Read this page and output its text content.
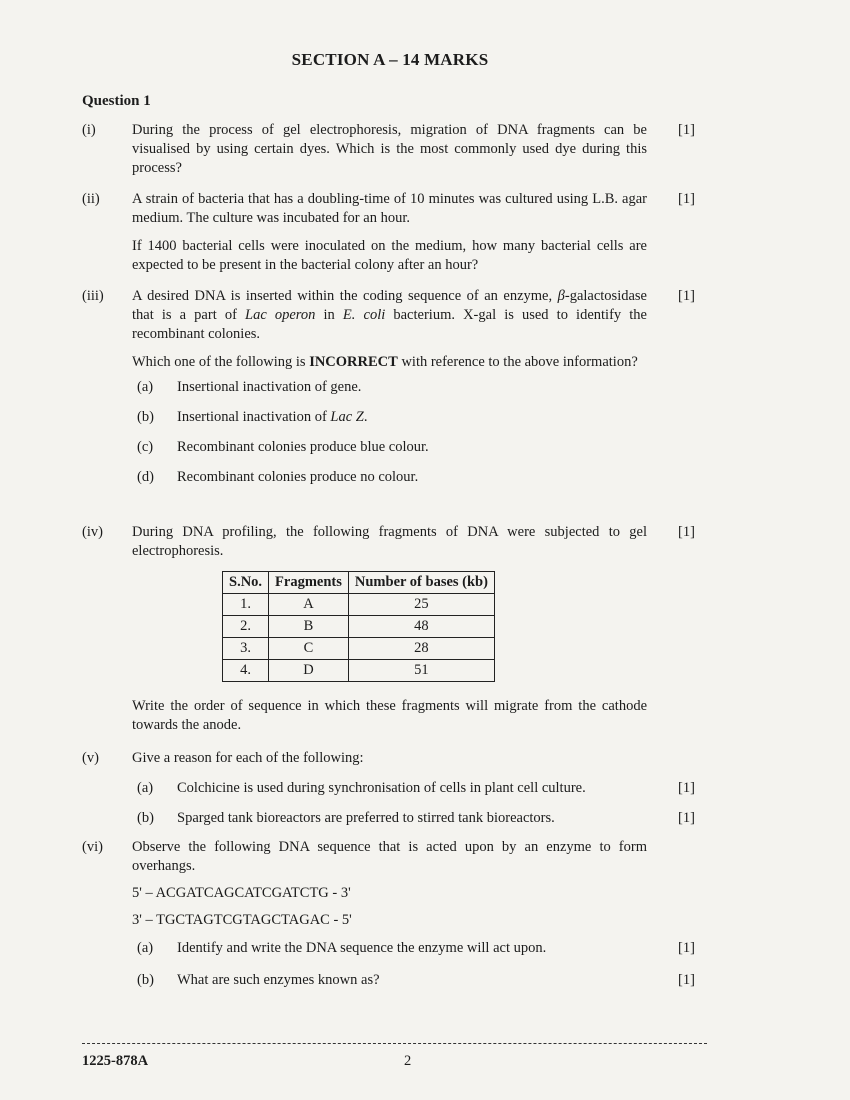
SECTION A – 14 MARKS
Question 1
(i)	During the process of gel electrophoresis, migration of DNA fragments can be visualised by using certain dyes. Which is the most commonly used dye during this process?

[1]
(ii)	A strain of bacteria that has a doubling-time of 10 minutes was cultured using L.B. agar medium. The culture was incubated for an hour.

If 1400 bacterial cells were inoculated on the medium, how many bacterial cells are expected to be present in the bacterial colony after an hour?

[1]
(iii)	A desired DNA is inserted within the coding sequence of an enzyme, β-galactosidase that is a part of Lac operon in E. coli bacterium. X-gal is used to identify the recombinant colonies.

Which one of the following is INCORRECT with reference to the above information?

(a) Insertional inactivation of gene.
(b) Insertional inactivation of Lac Z.
(c) Recombinant colonies produce blue colour.
(d) Recombinant colonies produce no colour.
[1]
(iv)	During DNA profiling, the following fragments of DNA were subjected to gel electrophoresis.

[1]
S.No.	Fragments	Number of bases (kb)
1.	A	25
2.	B	48
3.	C	28
4.	D	51

Write the order of sequence in which these fragments will migrate from the cathode towards the anode.

(v)	Give a reason for each of the following:

(a) Colchicine is used during synchronisation of cells in plant cell culture.	[1]
(b) Sparged tank bioreactors are preferred to stirred tank bioreactors.	[1]
(vi)	Observe the following DNA sequence that is acted upon by an enzyme to form overhangs.

5' – ACGATCAGCATCGATCTG - 3'

3' – TGCTAGTCGTAGCTAGAC - 5'

(a) Identify and write the DNA sequence the enzyme will act upon.	[1]
(b) What are such enzymes known as?	[1]
1225-878A	2
